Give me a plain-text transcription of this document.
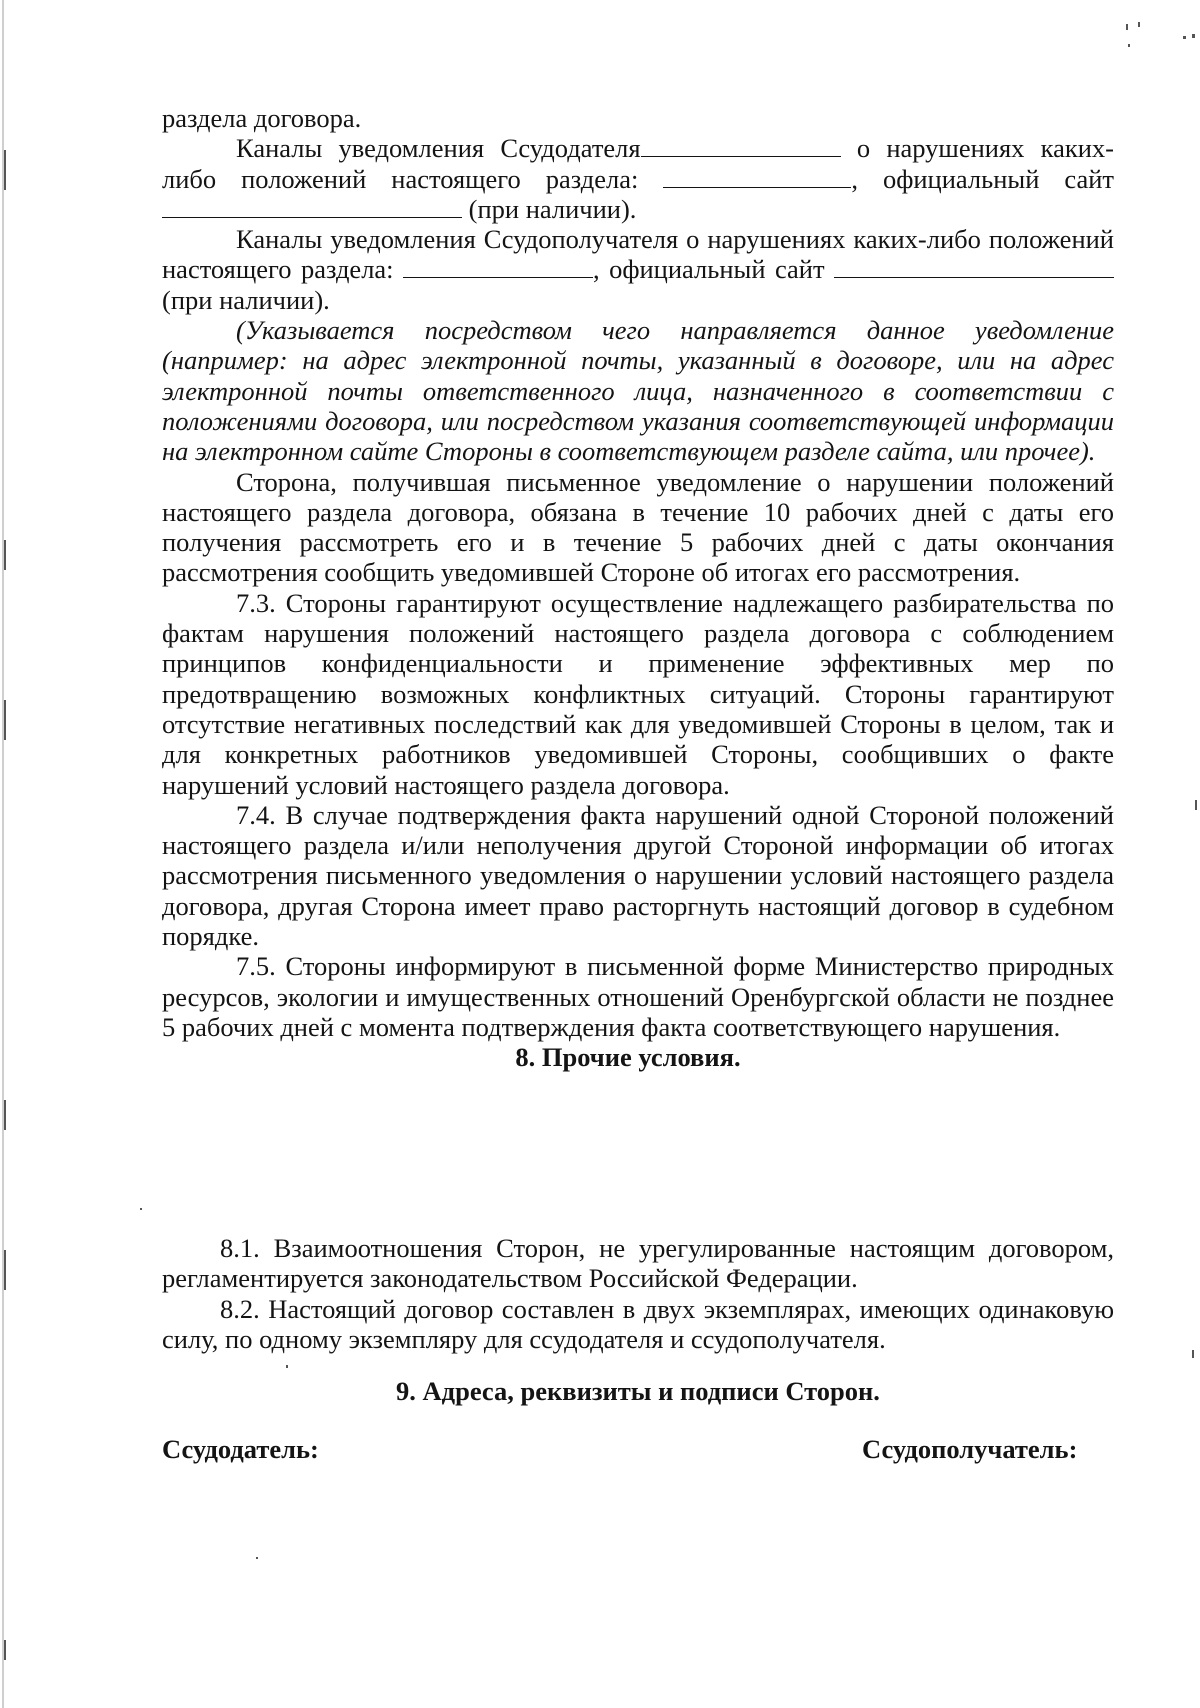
раздела договора.

Каналы уведомления Ссудодателя	о нарушениях каких-либо положений настоящего раздела:	, официальный сайт  (при наличии).

Каналы уведомления Ссудополучателя о нарушениях каких-либо положений настоящего раздела:	, официальный сайт  (при наличии).

(Указывается посредством чего направляется данное уведомление (например: на адрес электронной почты, указанный в договоре, или на адрес электронной почты ответственного лица, назначенного в соответствии с положениями договора, или посредством указания соответствующей информации на электронном сайте Стороны в соответствующем разделе сайта, или прочее).

Сторона, получившая письменное уведомление о нарушении положений настоящего раздела договора, обязана в течение 10 рабочих дней с даты его получения рассмотреть его и в течение 5 рабочих дней с даты окончания рассмотрения сообщить уведомившей Стороне об итогах его рассмотрения.

7.3. Стороны гарантируют осуществление надлежащего разбирательства по фактам нарушения положений настоящего раздела договора с соблюдением принципов конфиденциальности и применение эффективных мер по предотвращению возможных конфликтных ситуаций. Стороны гарантируют отсутствие негативных последствий как для уведомившей Стороны в целом, так и для конкретных работников уведомившей Стороны, сообщивших о факте нарушений условий настоящего раздела договора.

7.4. В случае подтверждения факта нарушений одной Стороной положений настоящего раздела и/или неполучения другой Стороной информации об итогах рассмотрения письменного уведомления о нарушении условий настоящего раздела договора, другая Сторона имеет право расторгнуть настоящий договор в судебном порядке.

7.5. Стороны информируют в письменной форме Министерство природных ресурсов, экологии и имущественных отношений Оренбургской области не позднее 5 рабочих дней с момента подтверждения факта соответствующего нарушения.

8. Прочие условия.

8.1. Взаимоотношения Сторон, не урегулированные настоящим договором, регламентируется законодательством Российской Федерации.

8.2. Настоящий договор составлен в двух экземплярах, имеющих одинаковую силу, по одному экземпляру для ссудодателя и ссудополучателя.

9. Адреса, реквизиты и подписи Сторон.

Ссудодатель:	Ссудополучатель:
